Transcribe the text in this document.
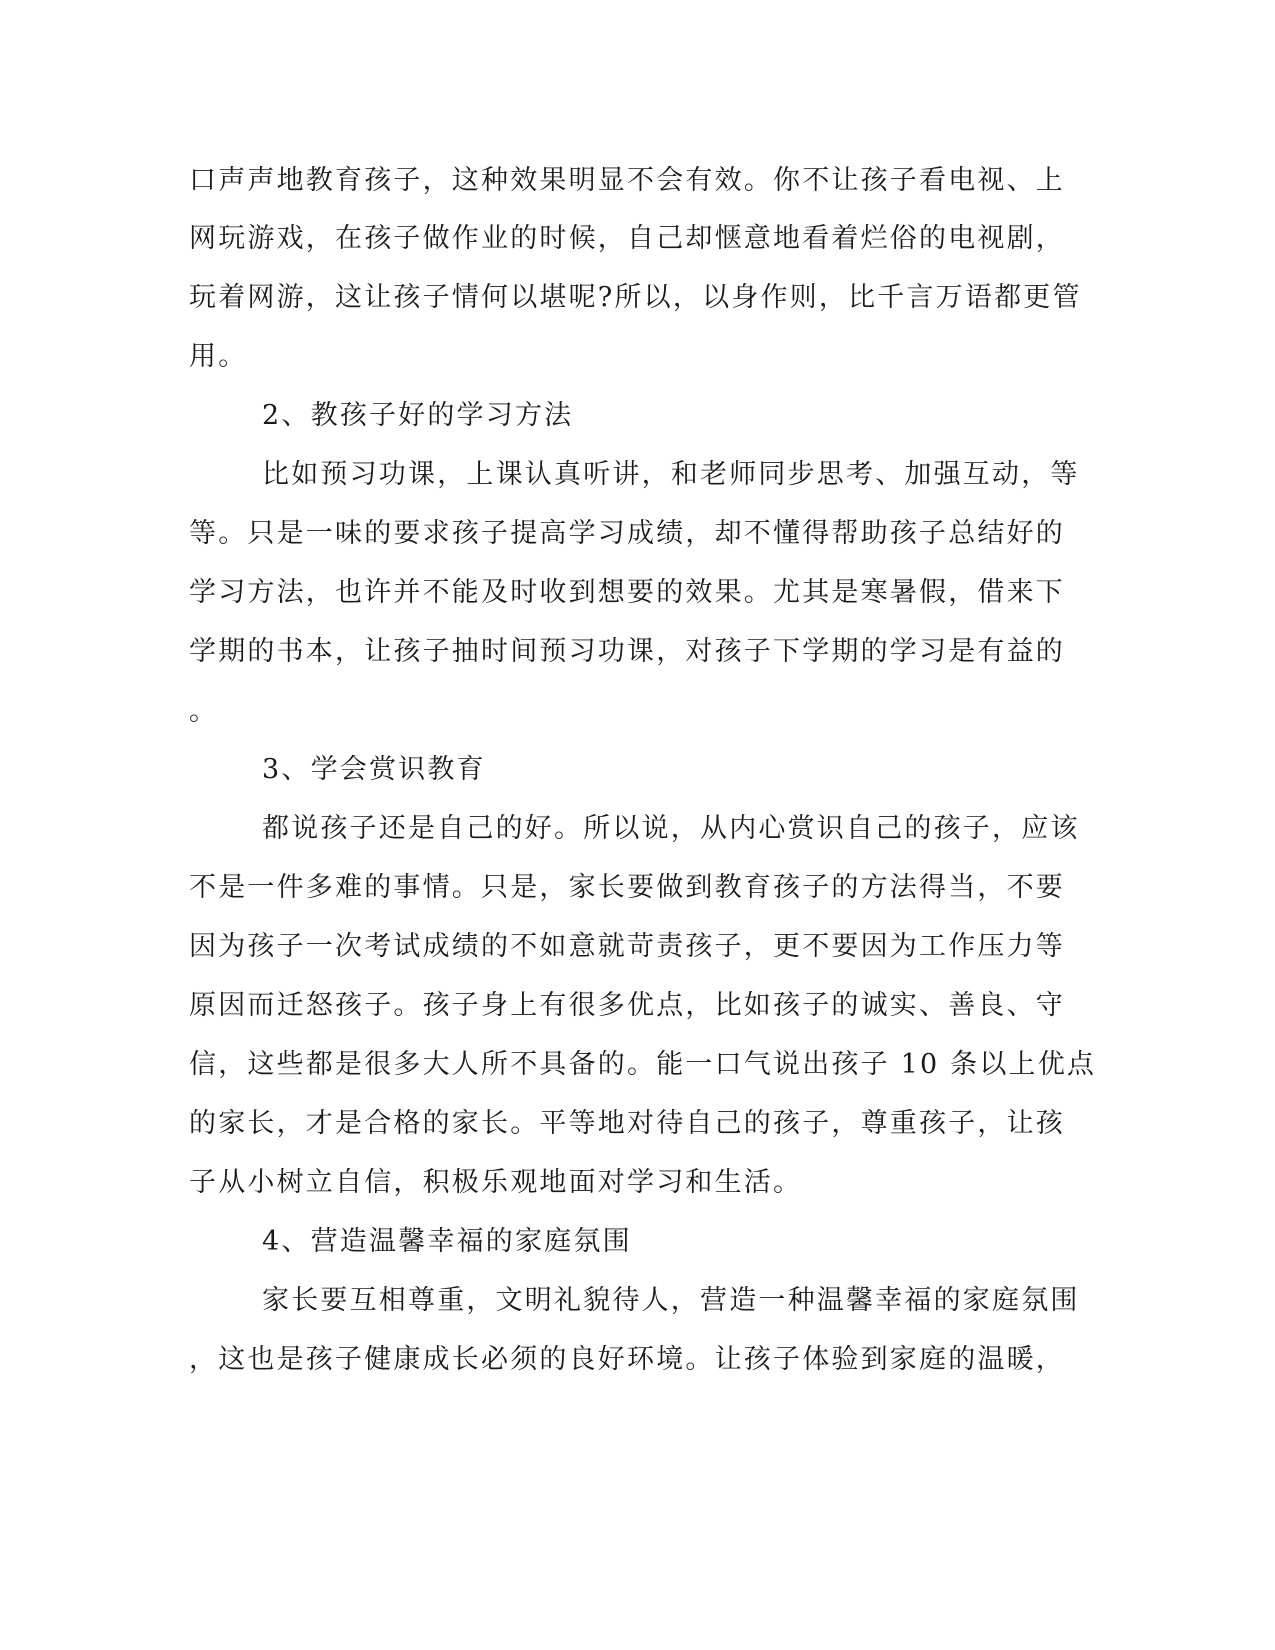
口声声地教育孩子，这种效果明显不会有效。你不让孩子看电视、上
网玩游戏，在孩子做作业的时候，自己却惬意地看着烂俗的电视剧，
玩着网游，这让孩子情何以堪呢?所以，以身作则，比千言万语都更管
用。
2、教孩子好的学习方法
比如预习功课，上课认真听讲，和老师同步思考、加强互动，等
等。只是一味的要求孩子提高学习成绩，却不懂得帮助孩子总结好的
学习方法，也许并不能及时收到想要的效果。尤其是寒暑假，借来下
学期的书本，让孩子抽时间预习功课，对孩子下学期的学习是有益的
。
3、学会赏识教育
都说孩子还是自己的好。所以说，从内心赏识自己的孩子，应该
不是一件多难的事情。只是，家长要做到教育孩子的方法得当，不要
因为孩子一次考试成绩的不如意就苛责孩子，更不要因为工作压力等
原因而迁怒孩子。孩子身上有很多优点，比如孩子的诚实、善良、守
信，这些都是很多大人所不具备的。能一口气说出孩子 10 条以上优点
的家长，才是合格的家长。平等地对待自己的孩子，尊重孩子，让孩
子从小树立自信，积极乐观地面对学习和生活。
4、营造温馨幸福的家庭氛围
家长要互相尊重，文明礼貌待人，营造一种温馨幸福的家庭氛围
，这也是孩子健康成长必须的良好环境。让孩子体验到家庭的温暖，
